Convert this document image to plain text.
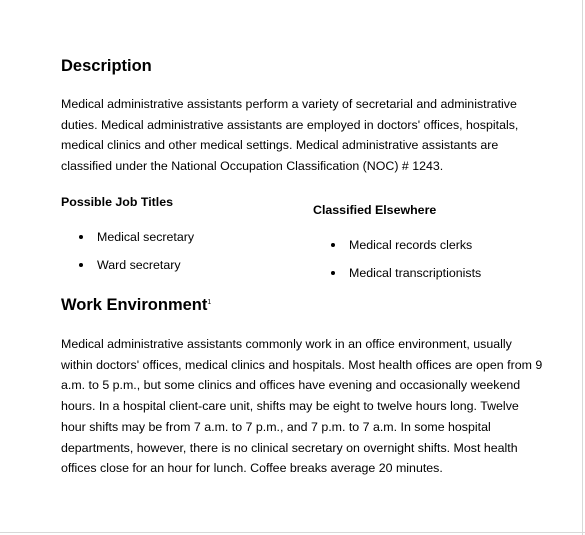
Description
Medical administrative assistants perform a variety of secretarial and administrative
duties. Medical administrative assistants are employed in doctors' offices, hospitals,
medical clinics and other medical settings. Medical administrative assistants are
classified under the National Occupation Classification (NOC) # 1243.
Possible Job Titles
Medical secretary
Ward secretary
Classified Elsewhere
Medical records clerks
Medical transcriptionists
Work Environment$^1$
Medical administrative assistants commonly work in an office environment, usually
within doctors' offices, medical clinics and hospitals. Most health offices are open from 9
a.m. to 5 p.m., but some clinics and offices have evening and occasionally weekend
hours. In a hospital client-care unit, shifts may be eight to twelve hours long. Twelve
hour shifts may be from 7 a.m. to 7 p.m., and 7 p.m. to 7 a.m. In some hospital
departments, however, there is no clinical secretary on overnight shifts. Most health
offices close for an hour for lunch. Coffee breaks average 20 minutes.
